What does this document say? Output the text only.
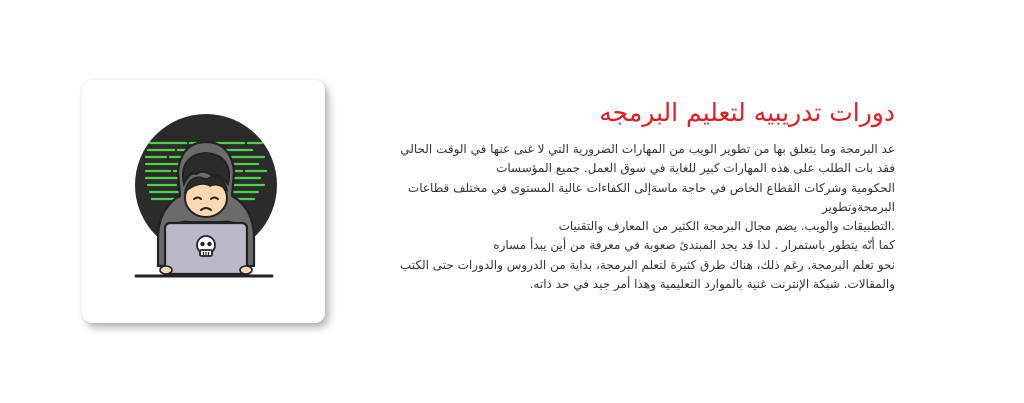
دورات تدريبيه لتعليم البرمجه
عد البرمجة وما يتعلق بها من تطوير الويب من المهارات الضرورية التي لا غنى عنها في الوقت الحالي
فقد بات الطلب على هذه المهارات كبير للغاية في سوق العمل. جميع المؤسسات
الحكومية وشركات القطاع الخاص في حاجة ماسةإلى الكفاءات عالية المستوى في مختلف قطاعات
البرمجةوتطوير
.التطبيقات والويب. يضم مجال البرمجة الكثير من المعارف والتقنيات
كما أنّه يتطور باستمرار . لذا قد يجد المبتدئ صعوبة في معرفة من أين يبدأ مساره
نحو تعلم البرمجة. رغم ذلك، هناك طرق كثيرة لتعلم البرمجة، بداية من الدروس والدورات حتى الكتب
والمقالات. شبكة الإنترنت غنية بالموارد التعليمية وهذا أمر جيد في حد ذاته.
